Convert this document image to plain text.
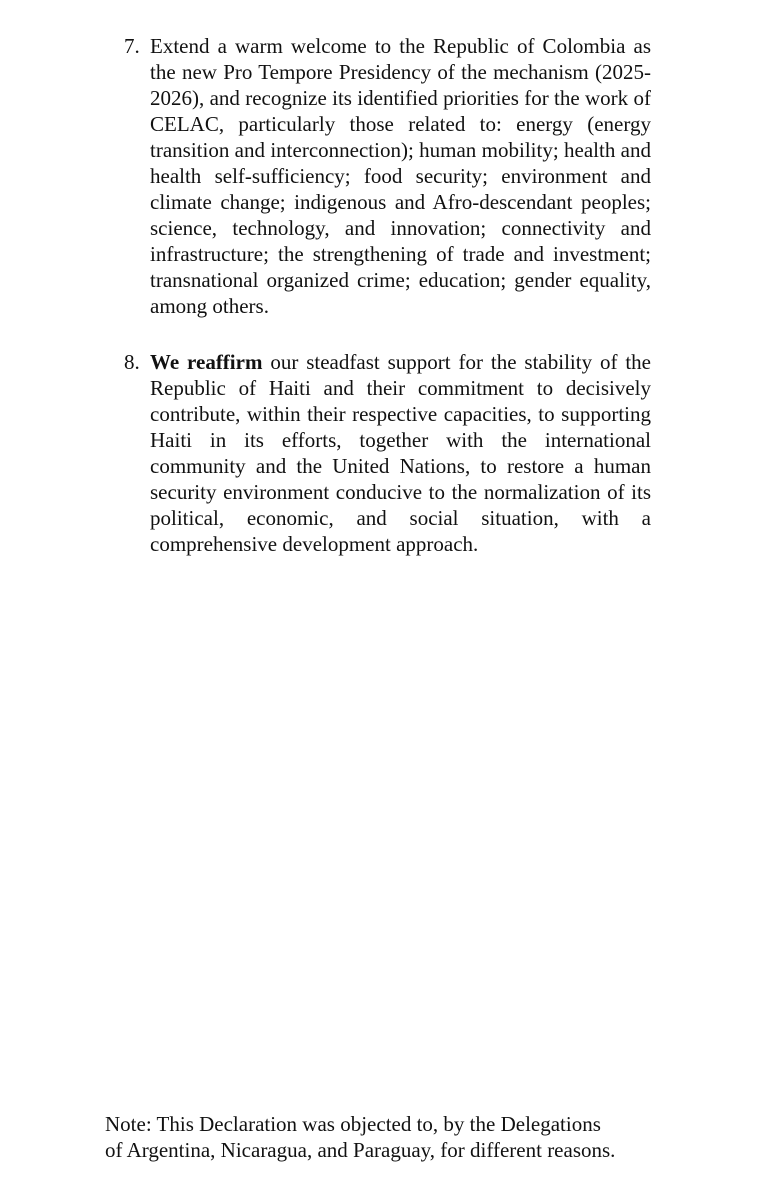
7. Extend a warm welcome to the Republic of Colombia as the new Pro Tempore Presidency of the mechanism (2025-2026), and recognize its identified priorities for the work of CELAC, particularly those related to: energy (energy transition and interconnection); human mobility; health and health self-sufficiency; food security; environment and climate change; indigenous and Afro-descendant peoples; science, technology, and innovation; connectivity and infrastructure; the strengthening of trade and investment; transnational organized crime; education; gender equality, among others.
8. We reaffirm our steadfast support for the stability of the Republic of Haiti and their commitment to decisively contribute, within their respective capacities, to supporting Haiti in its efforts, together with the international community and the United Nations, to restore a human security environment conducive to the normalization of its political, economic, and social situation, with a comprehensive development approach.
Note: This Declaration was objected to, by the Delegations
of Argentina, Nicaragua, and Paraguay, for different reasons.
